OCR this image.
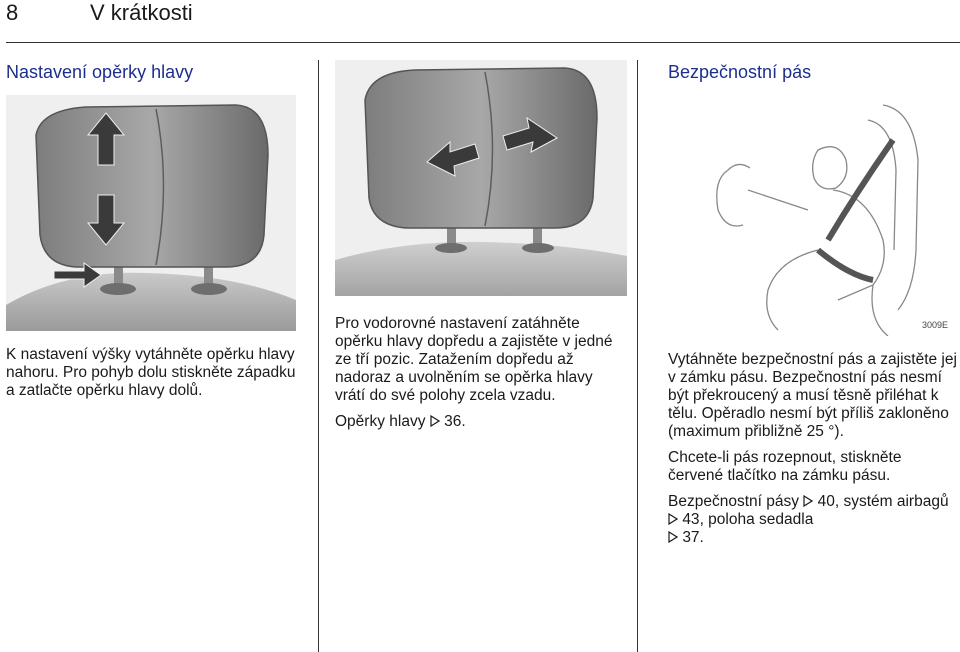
8	V krátkosti
Nastavení opěrky hlavy	Bezpečnostní pás
3009E

K nastavení výšky vytáhněte opěrku hlavy nahoru. Pro pohyb dolu stiskněte západku a zatlačte opěrku hlavy dolů.

Pro vodorovné nastavení zatáhněte opěrku hlavy dopředu a zajistěte v jedné ze tří pozic. Zatažením dopředu až nadoraz a uvolněním se opěrka hlavy vrátí do své polohy zcela vzadu.

Opěrky hlavy 36.

Vytáhněte bezpečnostní pás a zajistěte jej v zámku pásu. Bezpečnostní pás nesmí být překroucený a musí těsně přiléhat k tělu. Opěradlo nesmí být příliš zakloněno (maximum přibližně 25 °).

Chcete-li pás rozepnout, stiskněte červené tlačítko na zámku pásu.

Bezpečnostní pásy 40, systém airbagů  43, poloha sedadla
37.
